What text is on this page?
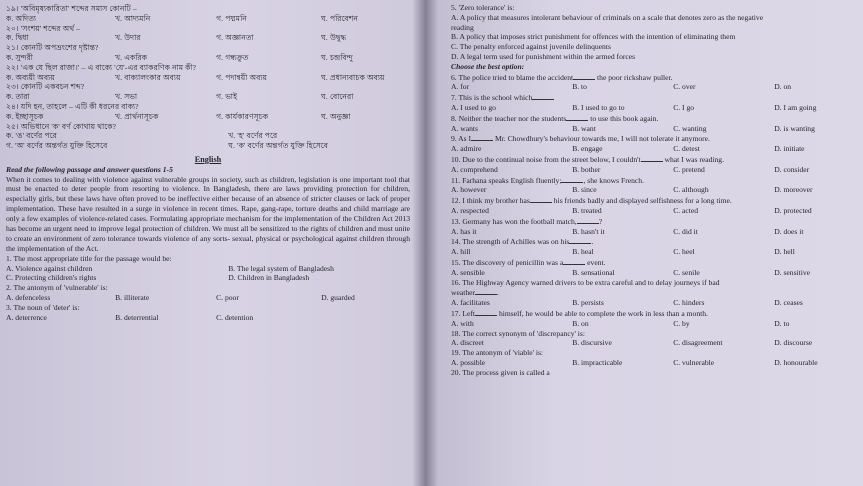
১৯। 'অবিমৃষ্যকারিতা' শব্দের সমাস কোনটি –
ক. অদিত্য	খ. আদ্যমনি	গ. পদ্মমনি	ঘ. পরিবেশন
২০। 'সংশয়' শব্দের অর্থ –
ক. দ্বিধা	খ. উদার	গ. অজ্ঞানতা	ঘ. উদ্বুদ্ধ
২১। কোনটি অপভ্রংশের দৃষ্টান্ত?
ক. সুন্দরী	খ. একরিক	গ. গন্ধক্রুত	ঘ. চন্দ্রবিন্দু
২২। 'এক যে ছিল রাজা।' – এ বাক্যে 'যে'-এর ব্যাকরণিক নাম কী?
ক. অব্যয়ী অব্যয়	খ. বাক্যালংকার অব্যয়	গ. পদান্বয়ী অব্যয়	ঘ. প্রধান্যবাচক অব্যয়
২৩। কোনটি একবচন শব্দ?
ক. তারা	খ. সভা	গ. ভাই	ঘ. বোনেরা
২৪। যদি হন, তাহলে – এটি কী ধরনের বাক্য?
ক. ইচ্ছাসূচক	খ. প্রার্থনাসূচক	গ. কার্যকারণসূচক	ঘ. অনুজ্ঞা
২৫। অভিধানে 'ক' বর্ণ কোথায় থাকে?
ক. 'ঙ' বর্ণের পরে	খ. 'হ' বর্ণের পরে
গ. 'অ' বর্ণের অন্তর্গত যুক্তি হিসেবে	ঘ. 'ক' বর্ণের অন্তর্গত যুক্তি হিসেবে
English
Read the following passage and answer questions 1-5
When it comes to dealing with violence against vulnerable groups in society, such as children, legislation is one important tool that must be enacted to deter people from resorting to violence. In Bangladesh, there are laws providing protection for children, especially girls, but these laws have often proved to be ineffective either because of an absence of stricter clauses or lack of proper implementation. These have resulted in a surge in violence in recent times. Rape, gang-rape, torture deaths and child marriage are only a few examples of violence-related cases. Formulating appropriate mechanism for the implementation of the Children Act 2013 has become an urgent need to improve legal protection of children. We must all be sensitized to the rights of children and must unite to create an environment of zero tolerance towards violence of any sorts- sexual, physical or psychological against children through the implementation of the Act.
1. The most appropriate title for the passage would be:
A. Violence against children	B. The legal system of Bangladesh
C. Protecting children's rights	D. Children in Bangladesh
2. The antonym of 'vulnerable' is:
A. defenceless	B. illiterate	C. poor	D. guarded
3. The noun of 'deter' is:
A. deterrence	B. deterrential	C. detention
5. 'Zero tolerance' is:
A. A policy that measures intolerant behaviour of criminals on a scale that denotes zero as the negative
reading
B. A policy that imposes strict punishment for offences with the intention of eliminating them
C. The penalty enforced against juvenile delinquents
D. A legal term used for punishment within the armed forces
Choose the best option:
6. The police tried to blame the accident	the poor rickshaw puller.
A. for	B. to	C. over	D. on
7. This is the school which
A. I used to go	B. I used to go to	C. I go	D. I am going
8. Neither the teacher nor the students	to use this book again.
A. wants	B. want	C. wanting	D. is wanting
9. As I	Mr. Chowdhury's behaviour towards me, I will not tolerate it anymore.
A. admire	B. engage	C. detest	D. initiate
10. Due to the continual noise from the street below, I couldn't	what I was reading.
A. comprehend	B. bother	C. pretend	D. consider
11. Farhana speaks English fluently;	, she knows French.
A. however	B. since	C. although	D. moreover
12. I think my brother has	his friends badly and displayed selfishness for a long time.
A. respected	B. treated	C. acted	D. protected
13. Germany has won the football match,	?
A. has it	B. hasn't it	C. did it	D. does it
14. The strength of Achilles was on his	.
A. hill	B. heal	C. heel	D. hell
15. The discovery of penicillin was a	event.
A. sensible	B. sensational	C. senile	D. sensitive
16. The Highway Agency warned drivers to be extra careful and to delay journeys if bad
weather	.
A. facilitates	B. persists	C. hinders	D. ceases
17. Left	himself, he would be able to complete the work in less than a month.
A. with	B. on	C. by	D. to
18. The correct synonym of 'discrepancy' is:
A. discreet	B. discursive	C. disagreement	D. discourse
19. The antonym of 'viable' is:
A. possible	B. impracticable	C. vulnerable	D. honourable
20. The process given is called a
